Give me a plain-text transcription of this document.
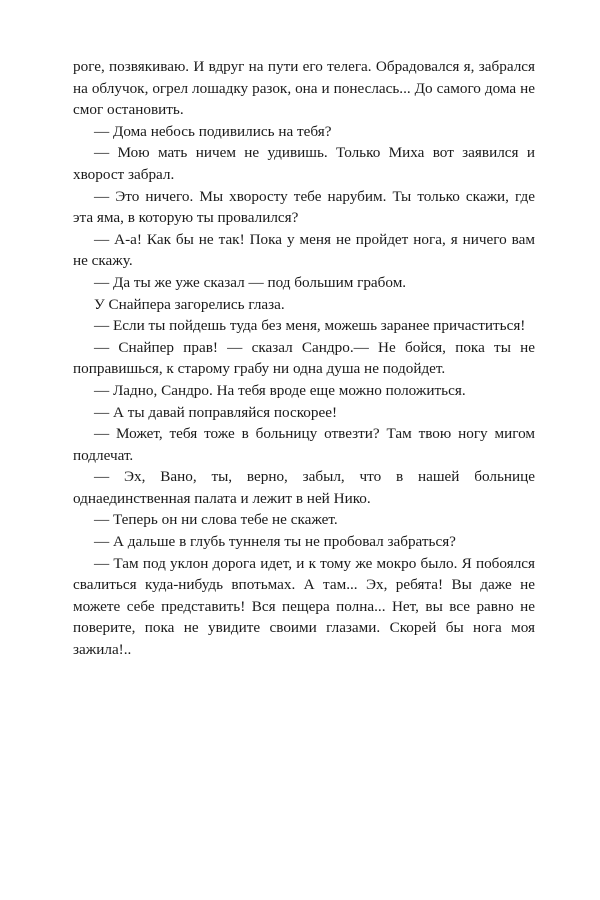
роге, позвякиваю. И вдруг на пути его телега. Обрадовался я, забрался на облучок, огрел лошадку разок, она и понеслась... До самого дома не смог остановить.

— Дома небось подивились на тебя?

— Мою мать ничем не удивишь. Только Миха вот заявился и хворост забрал.

— Это ничего. Мы хворосту тебе нарубим. Ты только скажи, где эта яма, в которую ты провалился?

— А-а! Как бы не так! Пока у меня не пройдет нога, я ничего вам не скажу.

— Да ты же уже сказал — под большим грабом.

У Снайпера загорелись глаза.

— Если ты пойдешь туда без меня, можешь заранее причаститься!

— Снайпер прав! — сказал Сандро.— Не бойся, пока ты не поправишься, к старому грабу ни одна душа не подойдет.

— Ладно, Сандро. На тебя вроде еще можно положиться.

— А ты давай поправляйся поскорее!

— Может, тебя тоже в больницу отвезти? Там твою ногу мигом подлечат.

— Эх, Вано, ты, верно, забыл, что в нашей больнице однаединственная палата и лежит в ней Нико.

— Теперь он ни слова тебе не скажет.

— А дальше в глубь туннеля ты не пробовал забраться?

— Там под уклон дорога идет, и к тому же мокро было. Я побоялся свалиться куда-нибудь впотьмах. А там... Эх, ребята! Вы даже не можете себе представить! Вся пещера полна... Нет, вы все равно не поверите, пока не увидите своими глазами. Скорей бы нога моя зажила!..
